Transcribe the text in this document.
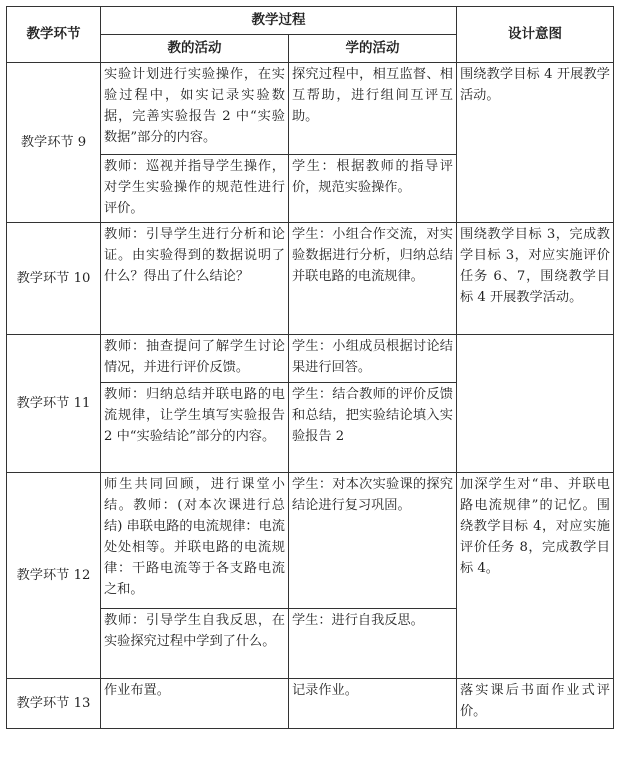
教学环节	教学过程		设计意图
	教的活动	学的活动	
教学环节 9	实验计划进行实验操作，在实验过程中，如实记录实验数据，完善实验报告 2 中“实验数据”部分的内容。	探究过程中，相互监督、相互帮助，进行组间互评互助。	围绕教学目标 4 开展教学活动。
	教师：巡视并指导学生操作，对学生实验操作的规范性进行评价。	学生：根据教师的指导评价，规范实验操作。	
教学环节 10	教师：引导学生进行分析和论证。由实验得到的数据说明了什么？得出了什么结论？	学生：小组合作交流，对实验数据进行分析，归纳总结并联电路的电流规律。	围绕教学目标 3，完成教学目标 3，对应实施评价任务 6、7，围绕教学目标 4 开展教学活动。
教学环节 11	教师：抽查提问了解学生讨论情况，并进行评价反馈。	学生：小组成员根据讨论结果进行回答。	
	教师：归纳总结并联电路的电流规律，让学生填写实验报告 2 中“实验结论”部分的内容。	学生：结合教师的评价反馈和总结，把实验结论填入实验报告 2	
教学环节 12	师生共同回顾，进行课堂小结。教师：(对本次课进行总结) 串联电路的电流规律：电流处处相等。并联电路的电流规律：干路电流等于各支路电流之和。	学生：对本次实验课的探究结论进行复习巩固。	加深学生对“串、并联电路电流规律”的记忆。围绕教学目标 4，对应实施评价任务 8，完成教学目标 4。
	教师：引导学生自我反思，在实验探究过程中学到了什么。	学生：进行自我反思。	
教学环节 13	作业布置。	记录作业。	落实课后书面作业式评价。
